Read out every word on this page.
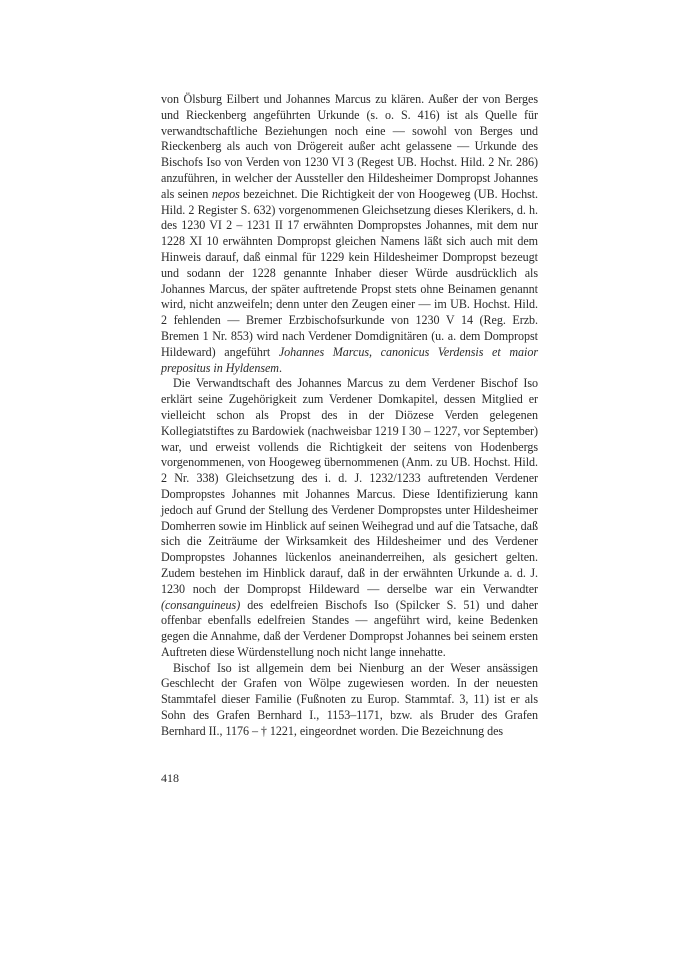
von Ölsburg Eilbert und Johannes Marcus zu klären. Außer der von Berges und Rieckenberg angeführten Urkunde (s. o. S. 416) ist als Quelle für verwandtschaftliche Beziehungen noch eine — sowohl von Berges und Rieckenberg als auch von Drögereit außer acht gelassene — Urkunde des Bischofs Iso von Verden von 1230 VI 3 (Regest UB. Hochst. Hild. 2 Nr. 286) anzuführen, in welcher der Aussteller den Hildesheimer Dompropst Johannes als seinen nepos bezeichnet. Die Richtigkeit der von Hoogeweg (UB. Hochst. Hild. 2 Register S. 632) vorgenommenen Gleichsetzung dieses Klerikers, d. h. des 1230 VI 2 – 1231 II 17 erwähnten Dompropstes Johannes, mit dem nur 1228 XI 10 erwähnten Dompropst gleichen Namens läßt sich auch mit dem Hinweis darauf, daß einmal für 1229 kein Hildesheimer Dompropst bezeugt und sodann der 1228 genannte Inhaber dieser Würde ausdrücklich als Johannes Marcus, der später auftretende Propst stets ohne Beinamen genannt wird, nicht anzweifeln; denn unter den Zeugen einer — im UB. Hochst. Hild. 2 fehlenden — Bremer Erzbischofsurkunde von 1230 V 14 (Reg. Erzb. Bremen 1 Nr. 853) wird nach Verdener Domdignitären (u. a. dem Dompropst Hildeward) angeführt Johannes Marcus, canonicus Verdensis et maior prepositus in Hyldensem.

Die Verwandtschaft des Johannes Marcus zu dem Verdener Bischof Iso erklärt seine Zugehörigkeit zum Verdener Domkapitel, dessen Mitglied er vielleicht schon als Propst des in der Diözese Verden gelegenen Kollegiatstiftes zu Bardowiek (nachweisbar 1219 I 30 – 1227, vor September) war, und erweist vollends die Richtigkeit der seitens von Hodenbergs vorgenommenen, von Hoogeweg übernommenen (Anm. zu UB. Hochst. Hild. 2 Nr. 338) Gleichsetzung des i. d. J. 1232/1233 auftretenden Verdener Dompropstes Johannes mit Johannes Marcus. Diese Identifizierung kann jedoch auf Grund der Stellung des Verdener Dompropstes unter Hildesheimer Domherren sowie im Hinblick auf seinen Weihegrad und auf die Tatsache, daß sich die Zeiträume der Wirksamkeit des Hildesheimer und des Verdener Dompropstes Johannes lückenlos aneinanderreihen, als gesichert gelten. Zudem bestehen im Hinblick darauf, daß in der erwähnten Urkunde a. d. J. 1230 noch der Dompropst Hildeward — derselbe war ein Verwandter (consanguineus) des edelfreien Bischofs Iso (Spilcker S. 51) und daher offenbar ebenfalls edelfreien Standes — angeführt wird, keine Bedenken gegen die Annahme, daß der Verdener Dompropst Johannes bei seinem ersten Auftreten diese Würdenstellung noch nicht lange innehatte.

Bischof Iso ist allgemein dem bei Nienburg an der Weser ansässigen Geschlecht der Grafen von Wölpe zugewiesen worden. In der neuesten Stammtafel dieser Familie (Fußnoten zu Europ. Stammtaf. 3, 11) ist er als Sohn des Grafen Bernhard I., 1153–1171, bzw. als Bruder des Grafen Bernhard II., 1176 – † 1221, eingeordnet worden. Die Bezeichnung des

418
